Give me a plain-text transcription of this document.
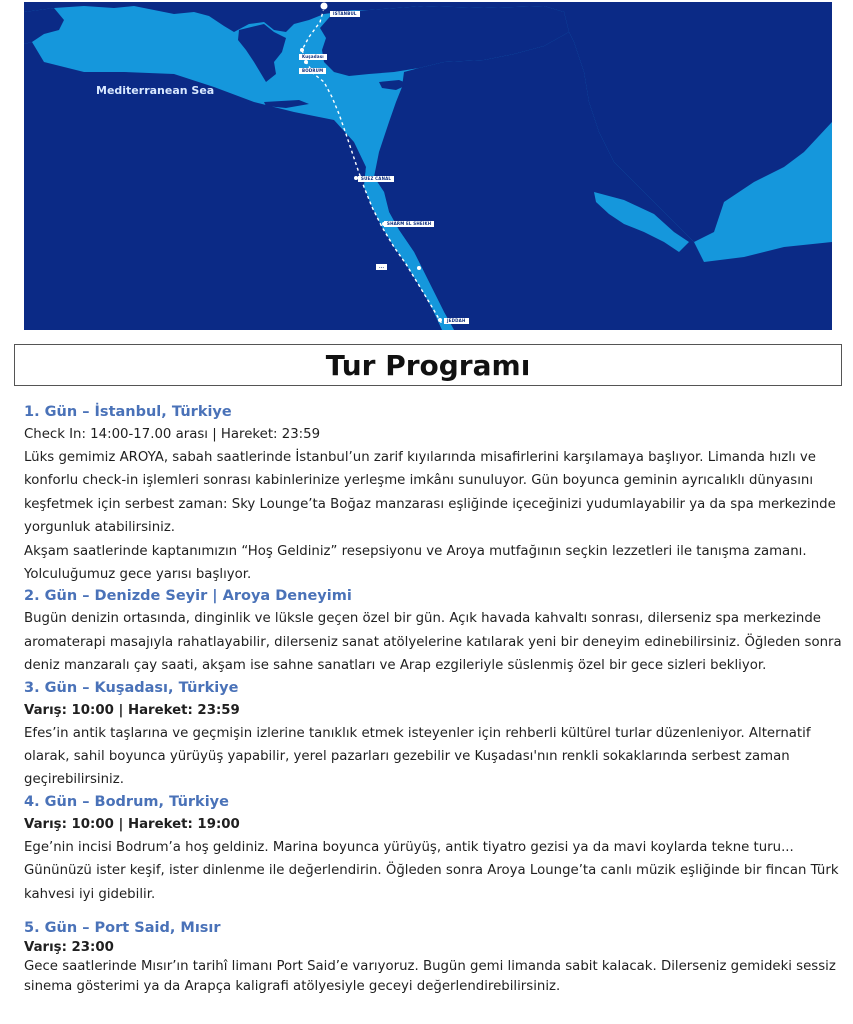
Mediterranean Sea
ISTANBUL
Kuşadası
BODRUM
SUEZ CANAL
SHARM EL SHEIKH
...
JEDDAH
Tur Programı
1. Gün – İstanbul, Türkiye
Check In: 14:00-17.00 arası | Hareket: 23:59

Lüks gemimiz AROYA, sabah saatlerinde İstanbul’un zarif kıyılarında misafirlerini karşılamaya başlıyor. Limanda hızlı ve konforlu check-in işlemleri sonrası kabinlerinize yerleşme imkânı sunuluyor. Gün boyunca geminin ayrıcalıklı dünyasını keşfetmek için serbest zaman: Sky Lounge’ta Boğaz manzarası eşliğinde içeceğinizi yudumlayabilir ya da spa merkezinde yorgunluk atabilirsiniz.

Akşam saatlerinde kaptanımızın “Hoş Geldiniz” resepsiyonu ve Aroya mutfağının seçkin lezzetleri ile tanışma zamanı. Yolculuğumuz gece yarısı başlıyor.

2. Gün – Denizde Seyir | Aroya Deneyimi

Bugün denizin ortasında, dinginlik ve lüksle geçen özel bir gün. Açık havada kahvaltı sonrası, dilerseniz spa merkezinde aromaterapi masajıyla rahatlayabilir, dilerseniz sanat atölyelerine katılarak yeni bir deneyim edinebilirsiniz. Öğleden sonra deniz manzaralı çay saati, akşam ise sahne sanatları ve Arap ezgileriyle süslenmiş özel bir gece sizleri bekliyor.

3. Gün – Kuşadası, Türkiye
Varış: 10:00 | Hareket: 23:59

Efes’in antik taşlarına ve geçmişin izlerine tanıklık etmek isteyenler için rehberli kültürel turlar düzenleniyor. Alternatif olarak, sahil boyunca yürüyüş yapabilir, yerel pazarları gezebilir ve Kuşadası'nın renkli sokaklarında serbest zaman geçirebilirsiniz.

4. Gün – Bodrum, Türkiye
Varış: 10:00 | Hareket: 19:00

Ege’nin incisi Bodrum’a hoş geldiniz. Marina boyunca yürüyüş, antik tiyatro gezisi ya da mavi koylarda tekne turu... Gününüzü ister keşif, ister dinlenme ile değerlendirin. Öğleden sonra Aroya Lounge’ta canlı müzik eşliğinde bir fincan Türk kahvesi iyi gidebilir.

5. Gün – Port Said, Mısır
Varış: 23:00

Gece saatlerinde Mısır’ın tarihî limanı Port Said’e varıyoruz. Bugün gemi limanda sabit kalacak. Dilerseniz gemideki sessiz sinema gösterimi ya da Arapça kaligrafi atölyesiyle geceyi değerlendirebilirsiniz.
